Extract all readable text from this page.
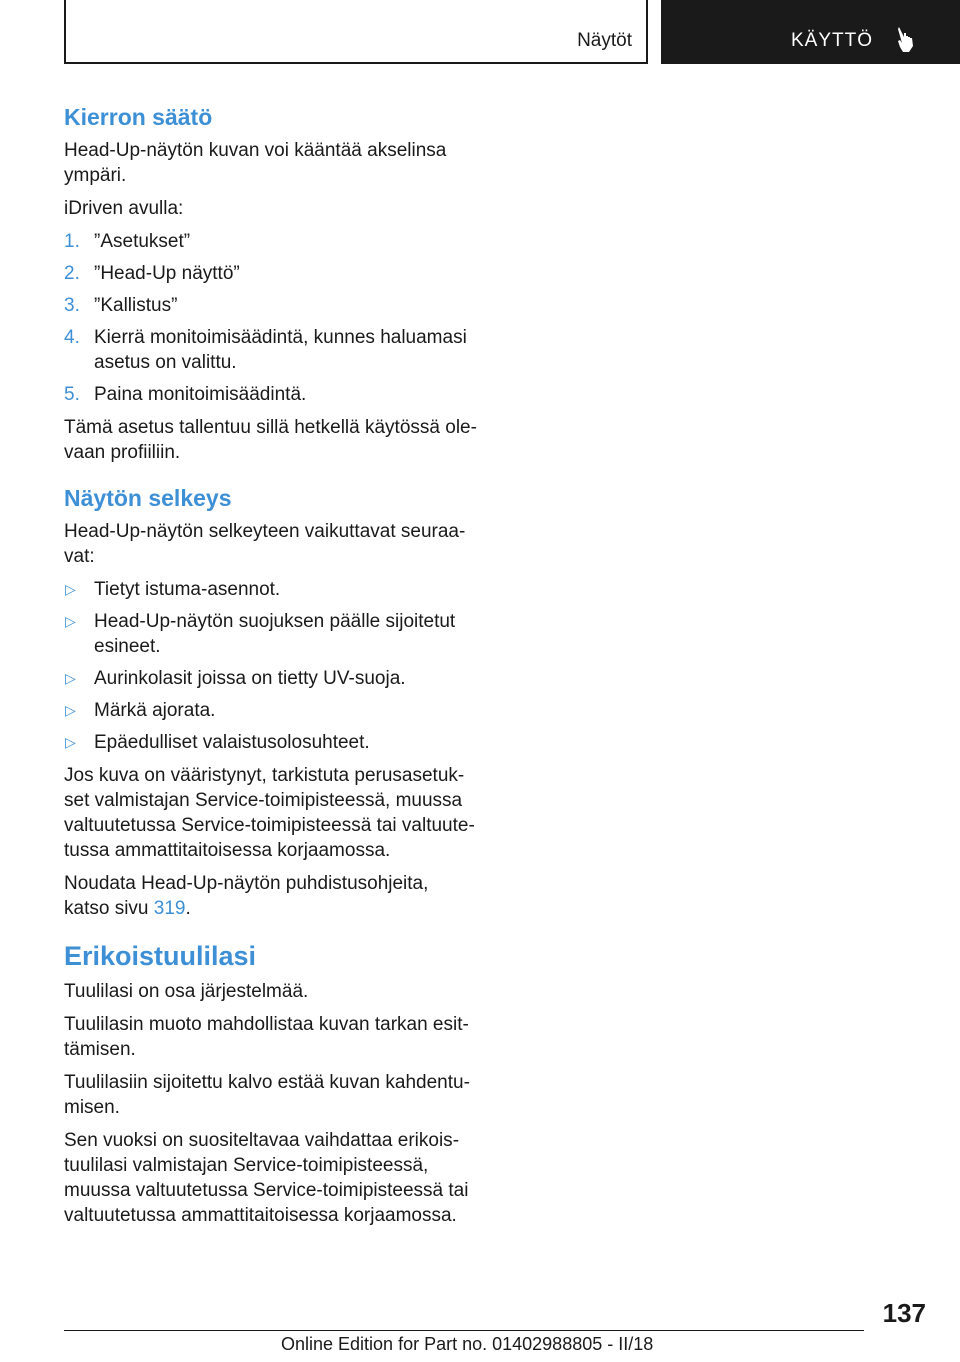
Näytöt	KÄYTTÖ
Kierron säätö

Head-Up-näytön kuvan voi kääntää akselinsa ympäri.

iDriven avulla:

1. ”Asetukset”
2. ”Head-Up näyttö”
3. ”Kallistus”
4. Kierrä monitoimisäädintä, kunnes haluamasi asetus on valittu.
5. Paina monitoimisäädintä.

Tämä asetus tallentuu sillä hetkellä käytössä olevaan profiiliin.

Näytön selkeys

Head-Up-näytön selkeyteen vaikuttavat seuraavat:

▷ Tietyt istuma-asennot.
▷ Head-Up-näytön suojuksen päälle sijoitetut esineet.
▷ Aurinkolasit joissa on tietty UV-suoja.
▷ Märkä ajorata.
▷ Epäedulliset valaistusolosuhteet.

Jos kuva on vääristynyt, tarkistuta perusasetukset valmistajan Service-toimipisteessä, muussa valtuutetussa Service-toimipisteessä tai valtuutetussa ammattitaitoisessa korjaamossa.

Noudata Head-Up-näytön puhdistusohjeita, katso sivu 319.

Erikoistuulilasi

Tuulilasi on osa järjestelmää.

Tuulilasin muoto mahdollistaa kuvan tarkan esittämisen.

Tuulilasiin sijoitettu kalvo estää kuvan kahdentumisen.

Sen vuoksi on suositeltavaa vaihdattaa erikoistuulilasi valmistajan Service-toimipisteessä, muussa valtuutetussa Service-toimipisteessä tai valtuutetussa ammattitaitoisessa korjaamossa.

137
Online Edition for Part no. 01402988805 - II/18
